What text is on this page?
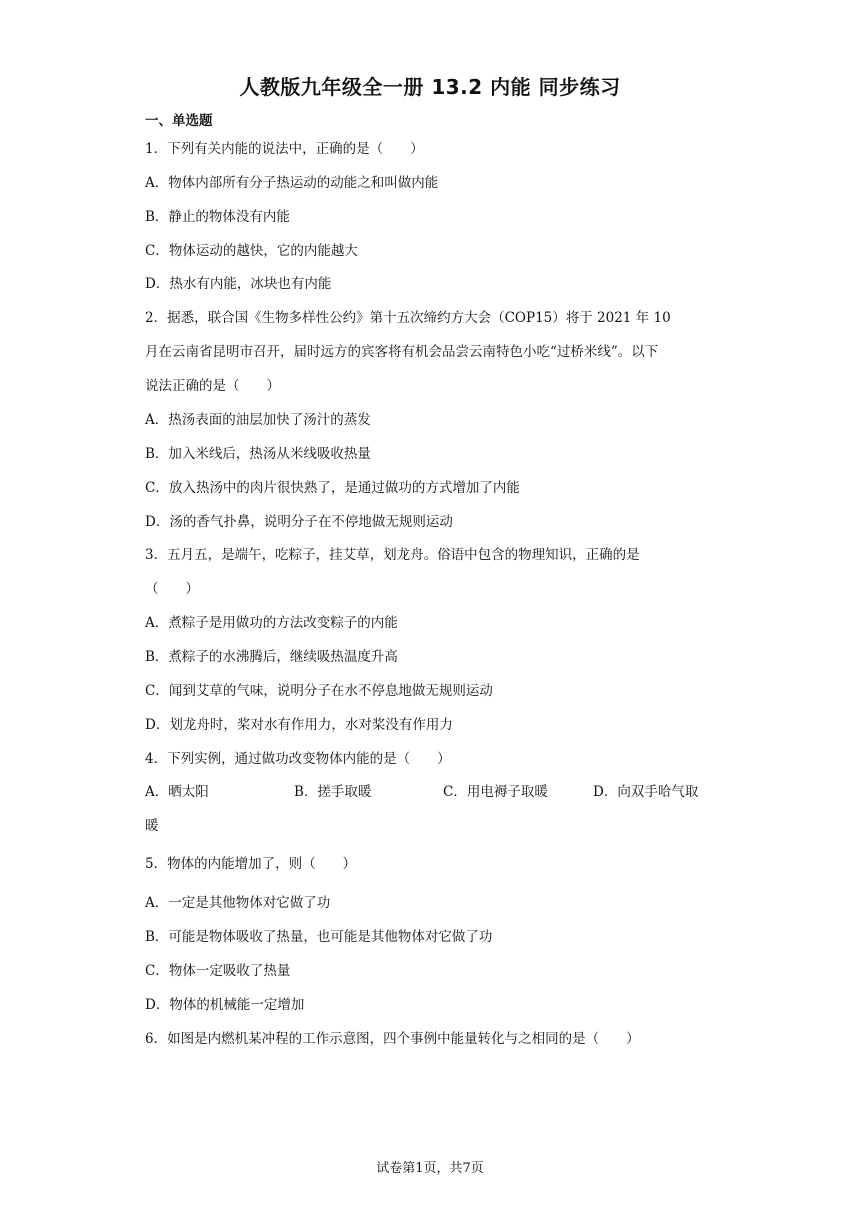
人教版九年级全一册 13.2 内能 同步练习
一、单选题
1．下列有关内能的说法中，正确的是（　　）
A．物体内部所有分子热运动的动能之和叫做内能
B．静止的物体没有内能
C．物体运动的越快，它的内能越大
D．热水有内能，冰块也有内能
2．据悉，联合国《生物多样性公约》第十五次缔约方大会（COP15）将于 2021 年 10
月在云南省昆明市召开，届时远方的宾客将有机会品尝云南特色小吃“过桥米线”。以下
说法正确的是（　　）
A．热汤表面的油层加快了汤汁的蒸发
B．加入米线后，热汤从米线吸收热量
C．放入热汤中的肉片很快熟了，是通过做功的方式增加了内能
D．汤的香气扑鼻，说明分子在不停地做无规则运动
3．五月五，是端午，吃粽子，挂艾草，划龙舟。俗语中包含的物理知识，正确的是
（　　）
A．煮粽子是用做功的方法改变粽子的内能
B．煮粽子的水沸腾后，继续吸热温度升高
C．闻到艾草的气味，说明分子在水不停息地做无规则运动
D．划龙舟时，桨对水有作用力，水对桨没有作用力
4．下列实例，通过做功改变物体内能的是（　　）
A．晒太阳	B．搓手取暖	C．用电褥子取暖	D．向双手哈气取
暖
5．物体的内能增加了，则（　　）
A．一定是其他物体对它做了功
B．可能是物体吸收了热量，也可能是其他物体对它做了功
C．物体一定吸收了热量
D．物体的机械能一定增加
6．如图是内燃机某冲程的工作示意图，四个事例中能量转化与之相同的是（　　）
试卷第1页，共7页
